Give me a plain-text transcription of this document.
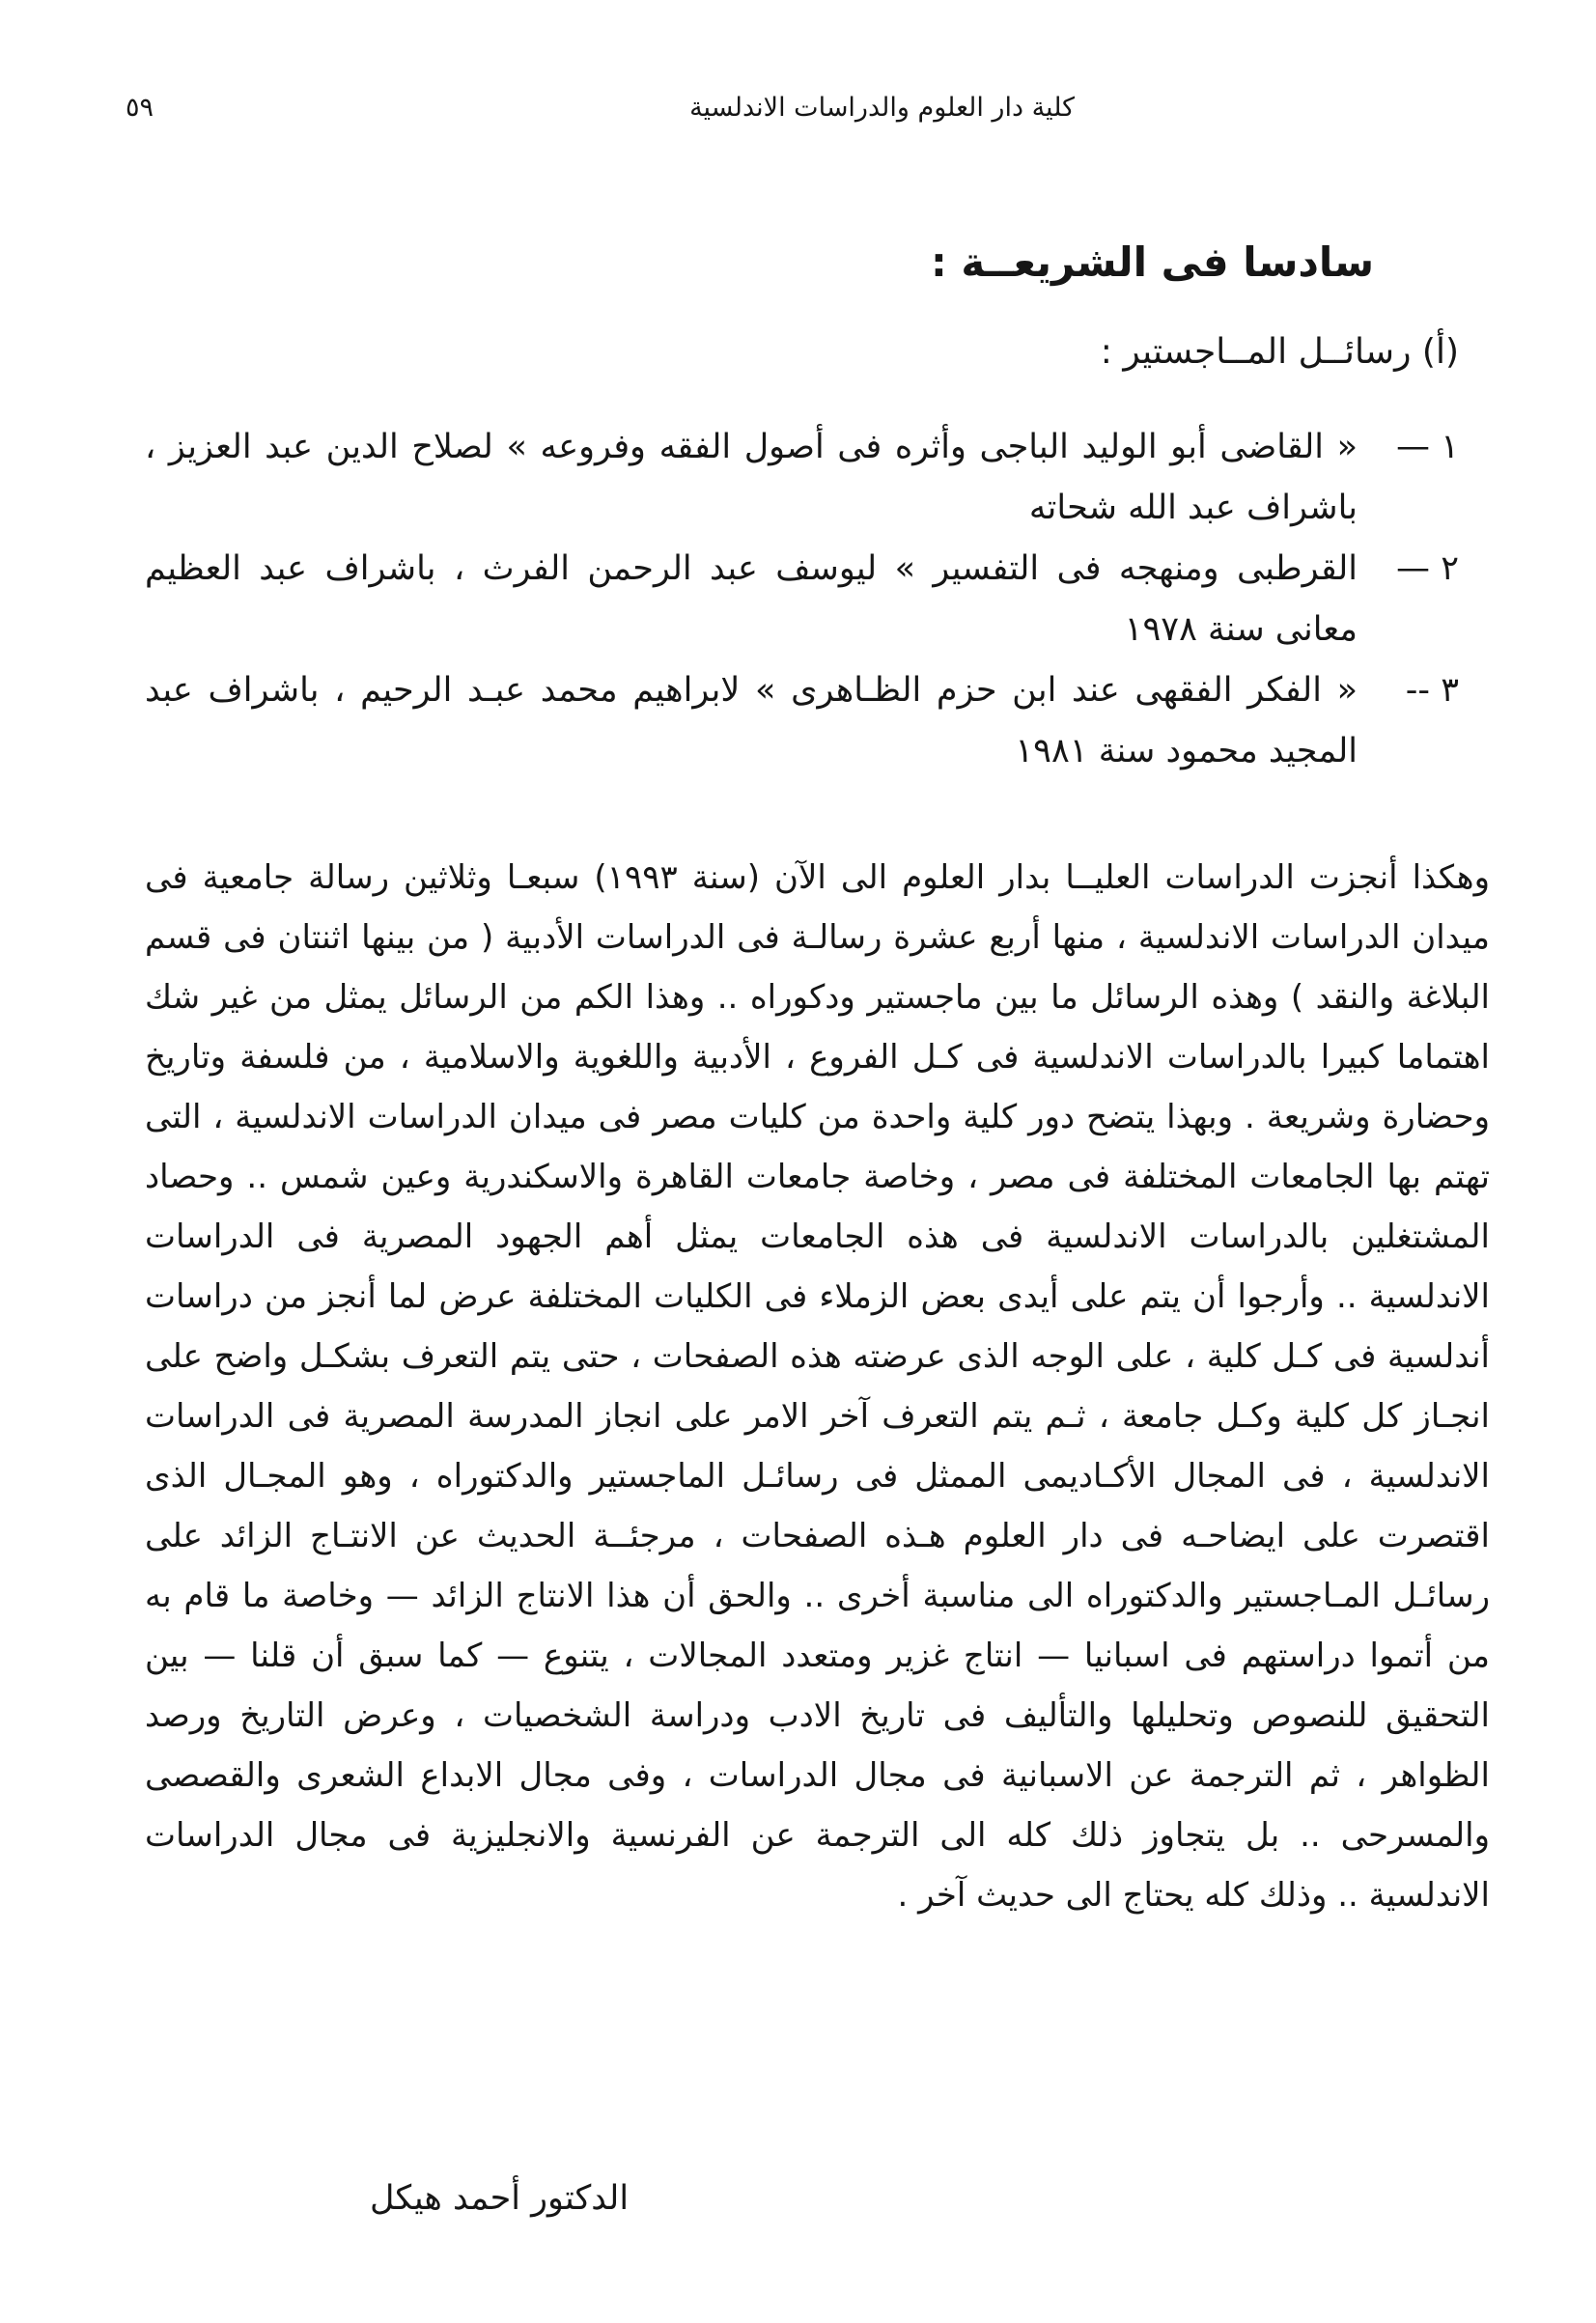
كلية دار العلوم والدراسات الاندلسية
٥٩
سادسا فى الشريعــة :
(أ) رسائــل المــاجستير :
١ —
« القاضى أبو الوليد الباجى وأثره فى أصول الفقه وفروعه » لصلاح الدين عبد العزيز ، باشراف عبد الله شحاته
٢ —
القرطبى ومنهجه فى التفسير » ليوسف عبد الرحمن الفرث ، باشراف عبد العظيم معانى سنة ١٩٧٨
٣ --
« الفكر الفقهى عند ابن حزم الظـاهرى » لابراهيم محمد عبـد الرحيم ، باشراف عبد المجيد محمود سنة ١٩٨١

وهكذا أنجزت الدراسات العليــا بدار العلوم الى الآن (سنة ١٩٩٣) سبعـا وثلاثين رسالة جامعية فى ميدان الدراسات الاندلسية ، منها أربع عشرة رسالـة فى الدراسات الأدبية ( من بينها اثنتان فى قسم البلاغة والنقد ) وهذه الرسائل ما بين ماجستير ودكوراه .. وهذا الكم من الرسائل يمثل من غير شك اهتماما كبيرا بالدراسات الاندلسية فى كـل الفروع ، الأدبية واللغوية والاسلامية ، من فلسفة وتاريخ وحضارة وشريعة . وبهذا يتضح دور كلية واحدة من كليات مصر فى ميدان الدراسات الاندلسية ، التى تهتم بها الجامعات المختلفة فى مصر ، وخاصة جامعات القاهرة والاسكندرية وعين شمس .. وحصاد المشتغلين بالدراسات الاندلسية فى هذه الجامعات يمثل أهم الجهود المصرية فى الدراسات الاندلسية .. وأرجوا أن يتم على أيدى بعض الزملاء فى الكليات المختلفة عرض لما أنجز من دراسات أندلسية فى كـل كلية ، على الوجه الذى عرضته هذه الصفحات ، حتى يتم التعرف بشكـل واضح على انجـاز كل كلية وكـل جامعة ، ثـم يتم التعرف آخر الامر على انجاز المدرسة المصرية فى الدراسات الاندلسية ، فى المجال الأكـاديمى الممثل فى رسائـل الماجستير والدكتوراه ، وهو المجـال الذى اقتصرت على ايضاحـه فى دار العلوم هـذه الصفحات ، مرجئــة الحديث عن الانتـاج الزائد على رسائـل المـاجستير والدكتوراه الى مناسبة أخرى .. والحق أن هذا الانتاج الزائد — وخاصة ما قام به من أتموا دراستهم فى اسبانيا — انتاج غزير ومتعدد المجالات ، يتنوع — كما سبق أن قلنا — بين التحقيق للنصوص وتحليلها والتأليف فى تاريخ الادب ودراسة الشخصيات ، وعرض التاريخ ورصد الظواهر ، ثم الترجمة عن الاسبانية فى مجال الدراسات ، وفى مجال الابداع الشعرى والقصصى والمسرحى .. بل يتجاوز ذلك كله الى الترجمة عن الفرنسية والانجليزية فى مجال الدراسات الاندلسية .. وذلك كله يحتاج الى حديث آخر .

الدكتور أحمد هيكل
